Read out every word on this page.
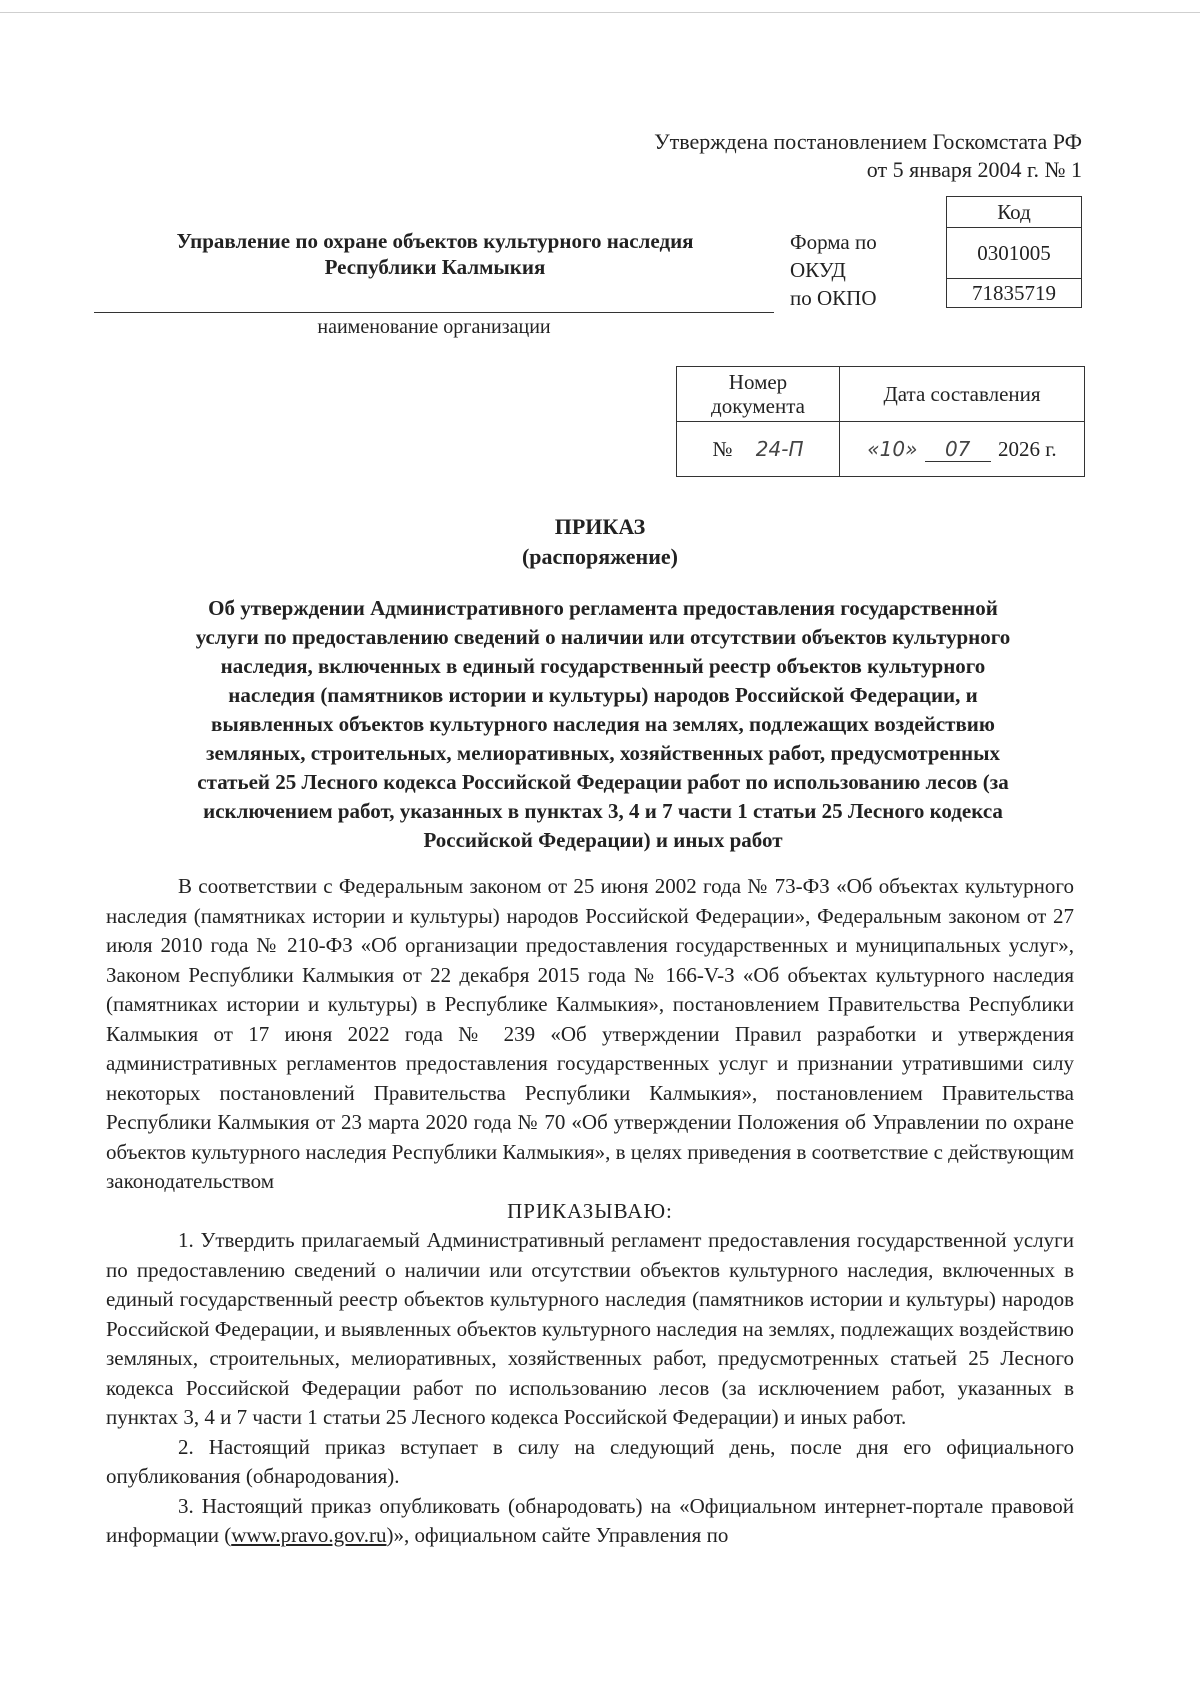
Утверждена постановлением Госкомстата РФ
от 5 января 2004 г. № 1
Управление по охране объектов культурного наследия
Республики Калмыкия
наименование организации
Форма по
ОКУД
по ОКПО
Код
0301005
71835719
Номер
документа	Дата составления
№ 24-П	«10» 07 2026 г.
ПРИКАЗ
(распоряжение)
Об утверждении Административного регламента предоставления государственной
услуги по предоставлению сведений о наличии или отсутствии объектов культурного
наследия, включенных в единый государственный реестр объектов культурного
наследия (памятников истории и культуры) народов Российской Федерации, и
выявленных объектов культурного наследия на землях, подлежащих воздействию
земляных, строительных, мелиоративных, хозяйственных работ, предусмотренных
статьей 25 Лесного кодекса Российской Федерации работ по использованию лесов (за
исключением работ, указанных в пунктах 3, 4 и 7 части 1 статьи 25 Лесного кодекса
Российской Федерации) и иных работ

В соответствии с Федеральным законом от 25 июня 2002 года № 73-ФЗ «Об объектах культурного наследия (памятниках истории и культуры) народов Российской Федерации», Федеральным законом от 27 июля 2010 года № 210-ФЗ «Об организации предоставления государственных и муниципальных услуг», Законом Республики Калмыкия от 22 декабря 2015 года № 166-V-З «Об объектах культурного наследия (памятниках истории и культуры) в Республике Калмыкия», постановлением Правительства Республики Калмыкия от 17 июня 2022 года № 239 «Об утверждении Правил разработки и утверждения административных регламентов предоставления государственных услуг и признании утратившими силу некоторых постановлений Правительства Республики Калмыкия», постановлением Правительства Республики Калмыкия от 23 марта 2020 года № 70 «Об утверждении Положения об Управлении по охране объектов культурного наследия Республики Калмыкия», в целях приведения в соответствие с действующим законодательством

ПРИКАЗЫВАЮ:

1. Утвердить прилагаемый Административный регламент предоставления государственной услуги по предоставлению сведений о наличии или отсутствии объектов культурного наследия, включенных в единый государственный реестр объектов культурного наследия (памятников истории и культуры) народов Российской Федерации, и выявленных объектов культурного наследия на землях, подлежащих воздействию земляных, строительных, мелиоративных, хозяйственных работ, предусмотренных статьей 25 Лесного кодекса Российской Федерации работ по использованию лесов (за исключением работ, указанных в пунктах 3, 4 и 7 части 1 статьи 25 Лесного кодекса Российской Федерации) и иных работ.

2. Настоящий приказ вступает в силу на следующий день, после дня его официального опубликования (обнародования).

3. Настоящий приказ опубликовать (обнародовать) на «Официальном интернет-портале правовой информации (www.pravo.gov.ru)», официальном сайте Управления по
